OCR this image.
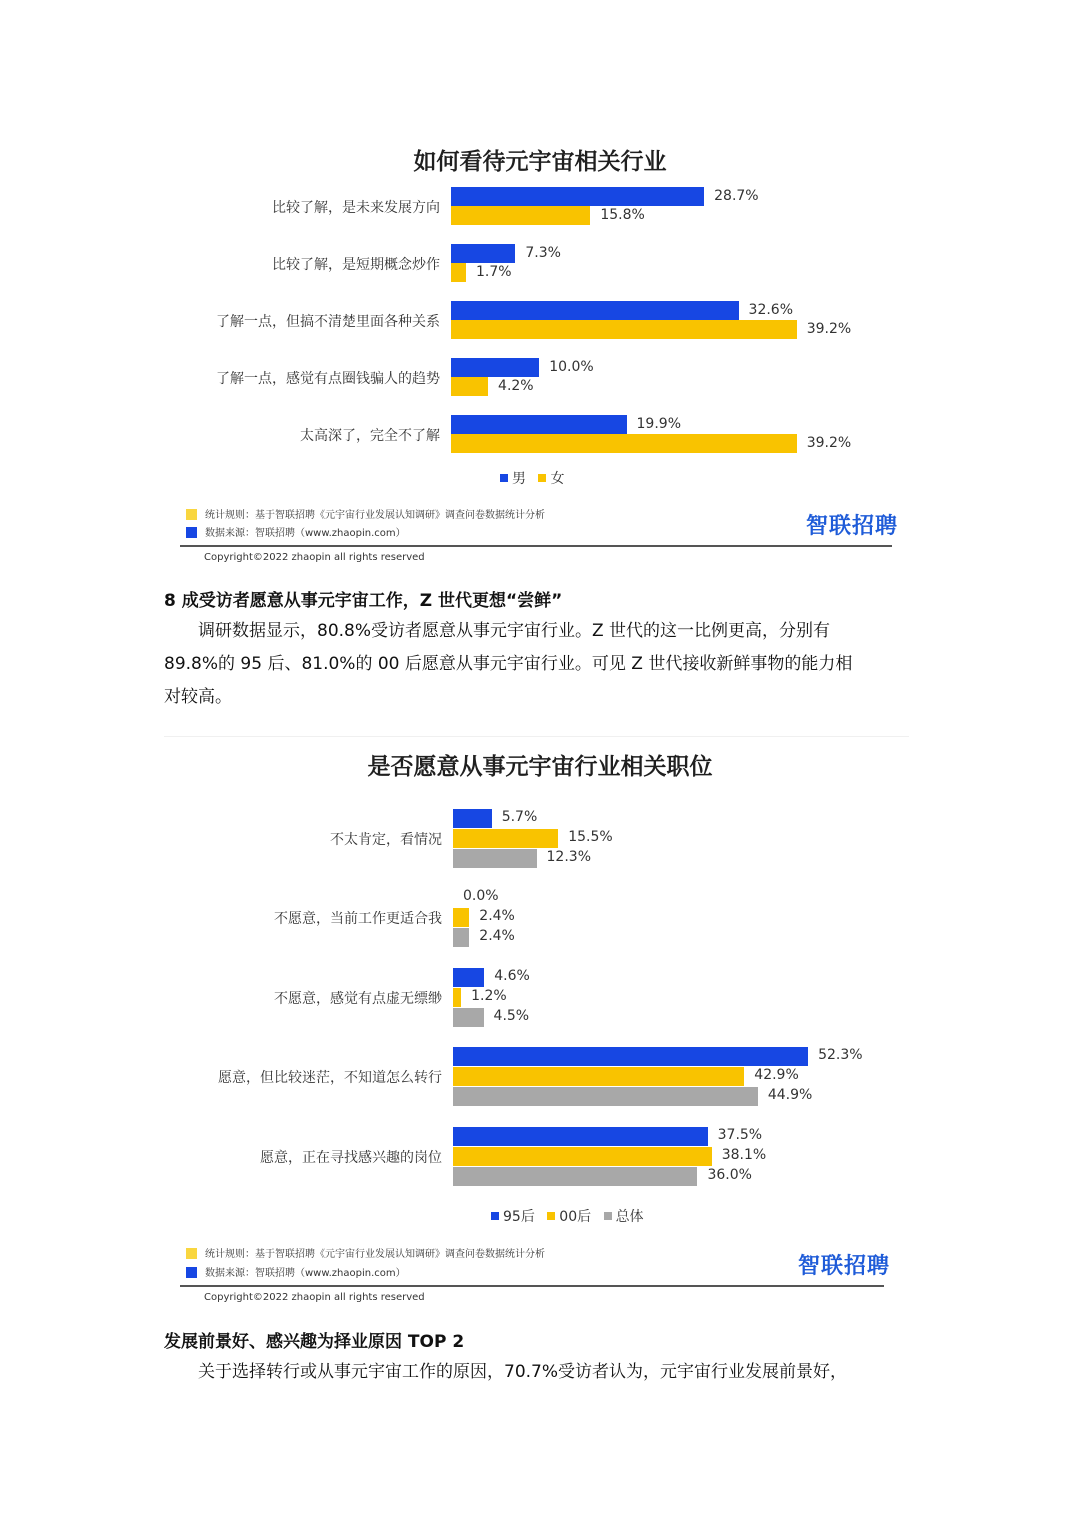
如何看待元宇宙相关行业
男 女
统计规则：基于智联招聘《元宇宙行业发展认知调研》调查问卷数据统计分析
数据来源：智联招聘（www.zhaopin.com）	智联招聘
Copyright©2022 zhaopin all rights reserved
比较了解，是未来发展方向
28.7%
15.8%
比较了解，是短期概念炒作
7.3%
1.7%
了解一点，但搞不清楚里面各种关系
32.6%
39.2%
了解一点，感觉有点圈钱骗人的趋势
10.0%
4.2%
太高深了，完全不了解
19.9%
39.2%
8 成受访者愿意从事元宇宙工作，Z 世代更想“尝鲜”

　　调研数据显示，80.8%受访者愿意从事元宇宙行业。Z 世代的这一比例更高，分别有

89.8%的 95 后、81.0%的 00 后愿意从事元宇宙行业。可见 Z 世代接收新鲜事物的能力相

对较高。

是否愿意从事元宇宙行业相关职位
95后 00后 总体
统计规则：基于智联招聘《元宇宙行业发展认知调研》调查问卷数据统计分析
数据来源：智联招聘（www.zhaopin.com）	智联招聘
Copyright©2022 zhaopin all rights reserved
不太肯定，看情况
5.7%
15.5%
12.3%
不愿意，当前工作更适合我
0.0%
2.4%
2.4%
不愿意，感觉有点虚无缥缈
4.6%
1.2%
4.5%
愿意，但比较迷茫，不知道怎么转行
52.3%
42.9%
44.9%
愿意，正在寻找感兴趣的岗位
37.5%
38.1%
36.0%
发展前景好、感兴趣为择业原因 TOP 2

　　关于选择转行或从事元宇宙工作的原因，70.7%受访者认为，元宇宙行业发展前景好，
